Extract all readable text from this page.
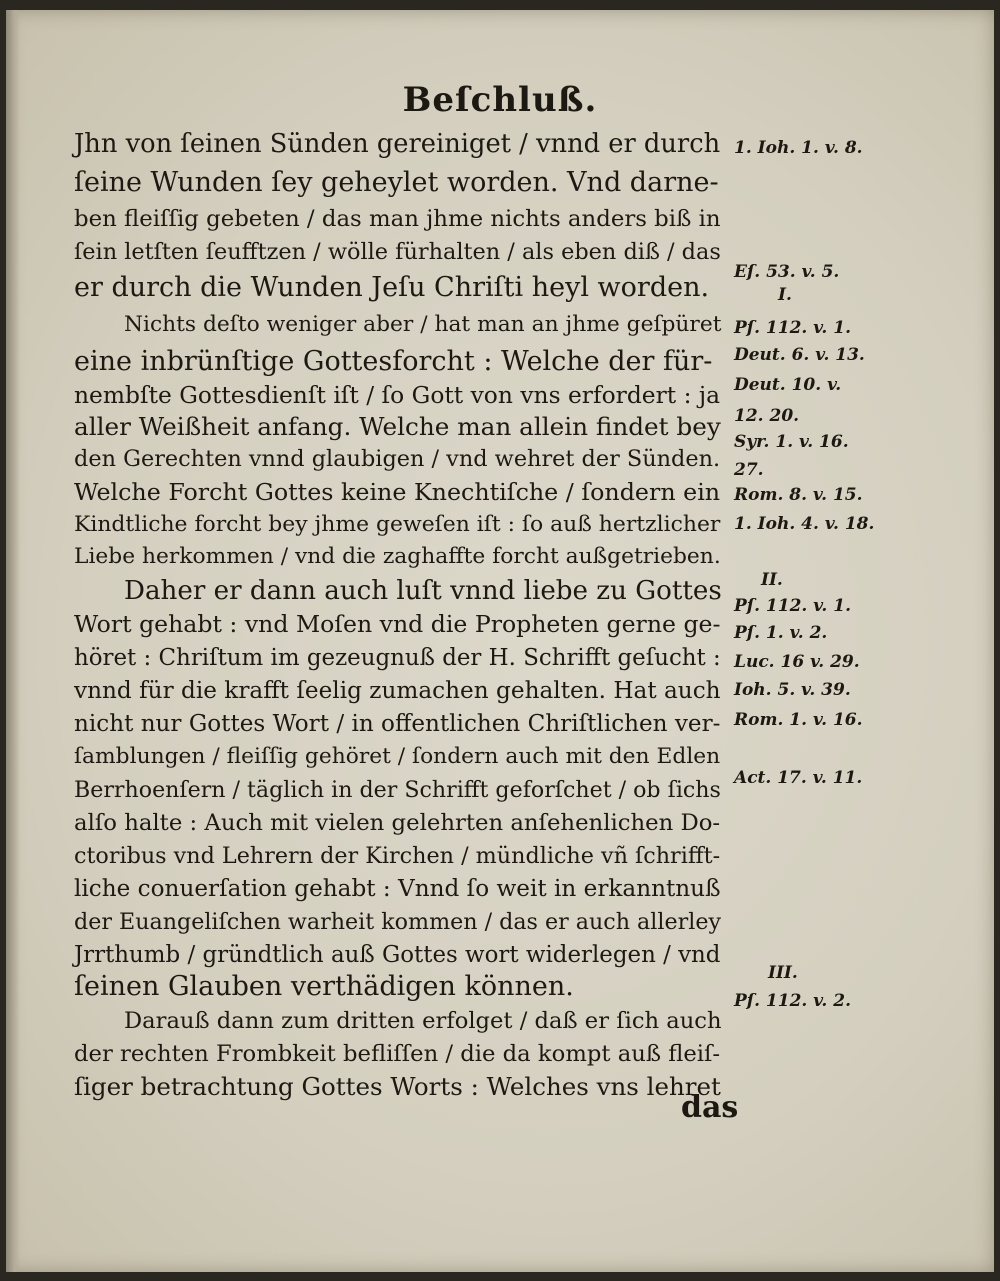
Beſchluß.
Jhn von ſeinen Sünden gereiniget / vnnd er durch
ſeine Wunden ſey geheylet worden. Vnd darne-
ben fleiſſig gebeten / das man jhme nichts anders biß in
ſein letſten ſeufftzen / wölle fürhalten / als eben diß / das
er durch die Wunden Jeſu Chriſti heyl worden.
Nichts deſto weniger aber / hat man an jhme geſpüret
eine inbrünſtige Gottesforcht : Welche der für-
nembſte Gottesdienſt iſt / ſo Gott von vns erfordert : ja
aller Weißheit anfang. Welche man allein findet bey
den Gerechten vnnd glaubigen / vnd wehret der Sünden.
Welche Forcht Gottes keine Knechtiſche / ſondern ein
Kindtliche forcht bey jhme geweſen iſt : ſo auß hertzlicher
Liebe herkommen / vnd die zaghaffte forcht außgetrieben.
Daher er dann auch luſt vnnd liebe zu Gottes
Wort gehabt : vnd Moſen vnd die Propheten gerne ge-
höret : Chriſtum im gezeugnuß der H. Schrifft geſucht :
vnnd für die krafft ſeelig zumachen gehalten. Hat auch
nicht nur Gottes Wort / in offentlichen Chriſtlichen ver-
ſamblungen / fleiſſig gehöret / ſondern auch mit den Edlen
Berrhoenſern / täglich in der Schrifft geforſchet / ob ſichs
alſo halte : Auch mit vielen gelehrten anſehenlichen Do-
ctoribus vnd Lehrern der Kirchen / mündliche vñ ſchrifft-
liche conuerſation gehabt : Vnnd ſo weit in erkanntnuß
der Euangeliſchen warheit kommen / das er auch allerley
Jrrthumb / gründtlich auß Gottes wort widerlegen / vnd
ſeinen Glauben verthädigen können.
Darauß dann zum dritten erfolget / daß er ſich auch
der rechten Frombkeit befliſſen / die da kompt auß fleiſ-
ſiger betrachtung Gottes Worts : Welches vns lehret
das
1. Ioh. 1. v. 8.
Eſ. 53. v. 5.
I.
Pſ. 112. v. 1.
Deut. 6. v. 13.
Deut. 10. v.
12. 20.
Syr. 1. v. 16.
27.
Rom. 8. v. 15.
1. Ioh. 4. v. 18.
II.
Pſ. 112. v. 1.
Pſ. 1. v. 2.
Luc. 16 v. 29.
Ioh. 5. v. 39.
Rom. 1. v. 16.
Act. 17. v. 11.
III.
Pſ. 112. v. 2.
